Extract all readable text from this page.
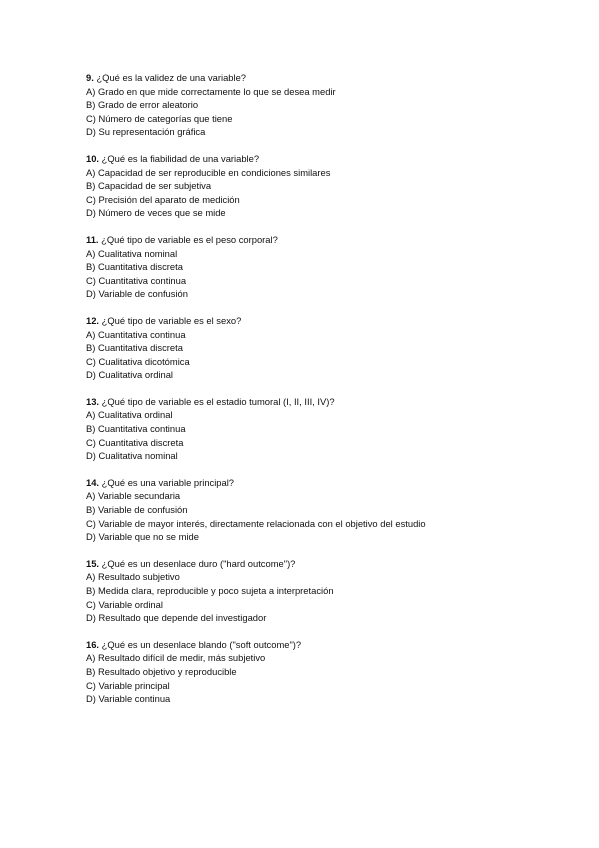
9. ¿Qué es la validez de una variable?
A) Grado en que mide correctamente lo que se desea medir
B) Grado de error aleatorio
C) Número de categorías que tiene
D) Su representación gráfica
10. ¿Qué es la fiabilidad de una variable?
A) Capacidad de ser reproducible en condiciones similares
B) Capacidad de ser subjetiva
C) Precisión del aparato de medición
D) Número de veces que se mide
11. ¿Qué tipo de variable es el peso corporal?
A) Cualitativa nominal
B) Cuantitativa discreta
C) Cuantitativa continua
D) Variable de confusión
12. ¿Qué tipo de variable es el sexo?
A) Cuantitativa continua
B) Cuantitativa discreta
C) Cualitativa dicotómica
D) Cualitativa ordinal
13. ¿Qué tipo de variable es el estadio tumoral (I, II, III, IV)?
A) Cualitativa ordinal
B) Cuantitativa continua
C) Cuantitativa discreta
D) Cualitativa nominal
14. ¿Qué es una variable principal?
A) Variable secundaria
B) Variable de confusión
C) Variable de mayor interés, directamente relacionada con el objetivo del estudio
D) Variable que no se mide
15. ¿Qué es un desenlace duro ("hard outcome")?
A) Resultado subjetivo
B) Medida clara, reproducible y poco sujeta a interpretación
C) Variable ordinal
D) Resultado que depende del investigador
16. ¿Qué es un desenlace blando ("soft outcome")?
A) Resultado difícil de medir, más subjetivo
B) Resultado objetivo y reproducible
C) Variable principal
D) Variable continua
